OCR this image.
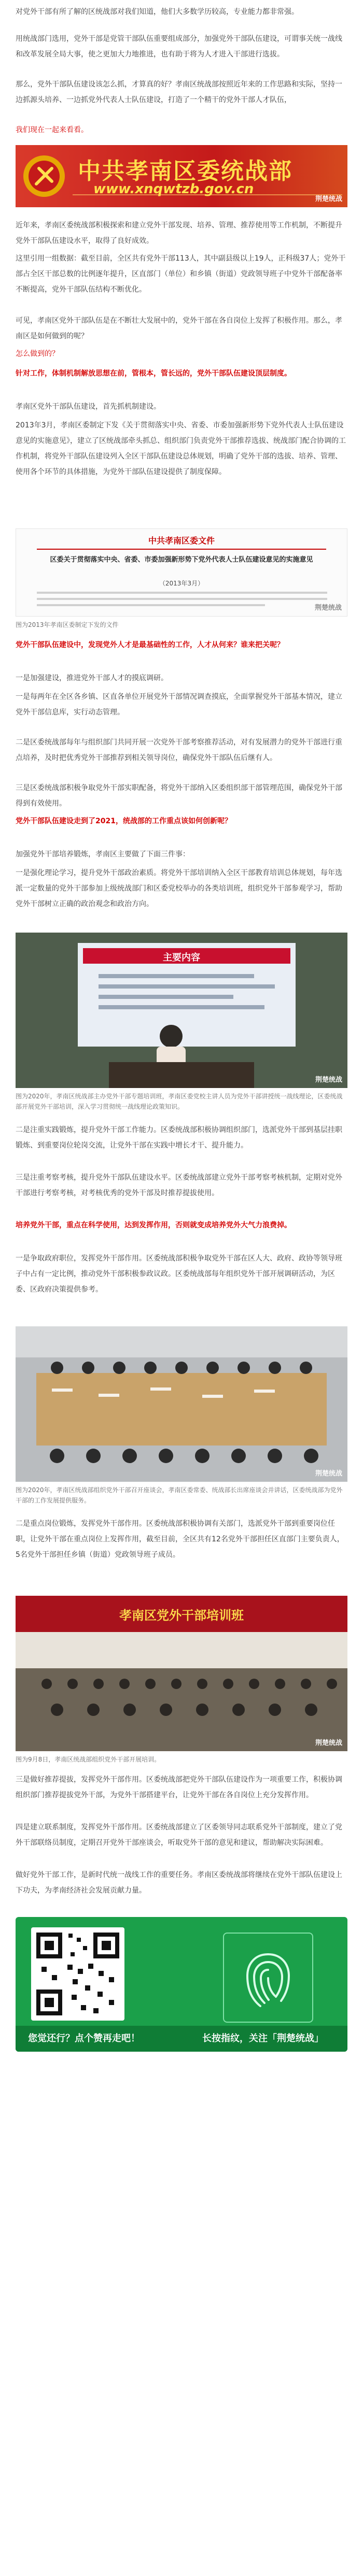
对党外干部有所了解的区统战部对我们知道，他们大多数学历较高，专业能力都非常强。

用统战部门选用，党外干部是党管干部队伍重要组成部分，加强党外干部队伍建设，可谓事关统一战线和改革发展全局大事，使之更加大力地推进，也有助于将为人才进入干部进行选拔。

那么，党外干部队伍建设该怎么抓，才算真的好？孝南区统战部按照近年来的工作思路和实际，坚持一边抓源头培养、一边抓党外代表人士队伍建设，打造了一个精干的党外干部人才队伍，

我们现在一起来看看。

中共孝南区委统战部
www.xnqwtzb.gov.cn
荆楚统战

近年来，孝南区委统战部积极探索和建立党外干部发现、培养、管理、推荐使用等工作机制，不断提升党外干部队伍建设水平，取得了良好成效。

这里引用一组数据：截至目前，全区共有党外干部113人，其中副县级以上19人，正科级37人；党外干部占全区干部总数的比例逐年提升，区直部门（单位）和乡镇（街道）党政领导班子中党外干部配备率不断提高，党外干部队伍结构不断优化。

可见，孝南区党外干部队伍是在不断壮大发展中的，党外干部在各自岗位上发挥了积极作用。那么，孝南区是如何做到的呢？

怎么做到的？

针对工作，体制机制解放思想在前，管根本，管长远的，党外干部队伍建设顶层制度。

孝南区党外干部队伍建设，首先抓机制建设。

2013年3月，孝南区委制定下发《关于贯彻落实中央、省委、市委加强新形势下党外代表人士队伍建设意见的实施意见》，建立了区统战部牵头抓总、组织部门负责党外干部推荐选拔、统战部门配合协调的工作机制，将党外干部队伍建设列入全区干部队伍建设总体规划，明确了党外干部的选拔、培养、管理、使用各个环节的具体措施，为党外干部队伍建设提供了制度保障。

中共孝南区委文件
区委关于贯彻落实中央、省委、市委加强新形势下党外代表人士队伍建设意见的实施意见
（2013年3月）
荆楚统战

图为2013年孝南区委制定下发的文件

党外干部队伍建设中，发现党外人才是最基础性的工作，人才从何来？谁来把关呢？

一是加强建设，推进党外干部人才的摸底调研。

一是每两年在全区各乡镇、区直各单位开展党外干部情况调查摸底，全面掌握党外干部基本情况，建立党外干部信息库，实行动态管理。

二是区委统战部每年与组织部门共同开展一次党外干部考察推荐活动，对有发展潜力的党外干部进行重点培养，及时把优秀党外干部推荐到相关领导岗位，确保党外干部队伍后继有人。

三是区委统战部积极争取党外干部实职配备，将党外干部纳入区委组织部干部管理范围，确保党外干部得到有效使用。

党外干部队伍建设走到了2021，统战部的工作重点该如何创新呢？

加强党外干部培养锻炼，孝南区主要做了下面三件事：

一是强化理论学习，提升党外干部政治素质。将党外干部培训纳入全区干部教育培训总体规划，每年选派一定数量的党外干部参加上级统战部门和区委党校举办的各类培训班，组织党外干部参观学习，帮助党外干部树立正确的政治观念和政治方向。

主要内容
荆楚统战

图为2020年，孝南区统战部主办党外干部专题培训班，孝南区委党校主讲人员为党外干部讲授统一战线理论，区委统战部开展党外干部培训，深入学习贯彻统一战线理论政策知识。

二是注重实践锻炼，提升党外干部工作能力。区委统战部积极协调组织部门，选派党外干部到基层挂职锻炼、到重要岗位轮岗交流，让党外干部在实践中增长才干、提升能力。

三是注重考察考核，提升党外干部队伍建设水平。区委统战部建立党外干部考察考核机制，定期对党外干部进行考察考核，对考核优秀的党外干部及时推荐提拔使用。

培养党外干部，重点在科学使用，达到发挥作用，否则就变成培养党外大气力浪费掉。

一是争取政府职位，发挥党外干部作用。区委统战部积极争取党外干部在区人大、政府、政协等领导班子中占有一定比例，推动党外干部积极参政议政。区委统战部每年组织党外干部开展调研活动，为区委、区政府决策提供参考。

荆楚统战

图为2020年，孝南区统战部组织党外干部召开座谈会，孝南区委常委、统战部长出席座谈会并讲话，区委统战部为党外干部的工作发展提供服务。

二是重点岗位锻炼，发挥党外干部作用。区委统战部积极协调有关部门，选派党外干部到重要岗位任职，让党外干部在重点岗位上发挥作用，截至目前，全区共有12名党外干部担任区直部门主要负责人，5名党外干部担任乡镇（街道）党政领导班子成员。

孝南区党外干部培训班
荆楚统战

图为9月8日，孝南区统战部组织党外干部开展培训。

三是做好推荐提拔，发挥党外干部作用。区委统战部把党外干部队伍建设作为一项重要工作，积极协调组织部门推荐提拔党外干部，为党外干部搭建平台，让党外干部在各自岗位上充分发挥作用。

四是建立联系制度，发挥党外干部作用。区委统战部建立了区委领导同志联系党外干部制度，建立了党外干部联络员制度，定期召开党外干部座谈会，听取党外干部的意见和建议，帮助解决实际困难。

做好党外干部工作，是新时代统一战线工作的重要任务。孝南区委统战部将继续在党外干部队伍建设上下功夫，为孝南经济社会发展贡献力量。

您觉还行？点个赞再走吧！	长按指纹，关注「荆楚统战」
